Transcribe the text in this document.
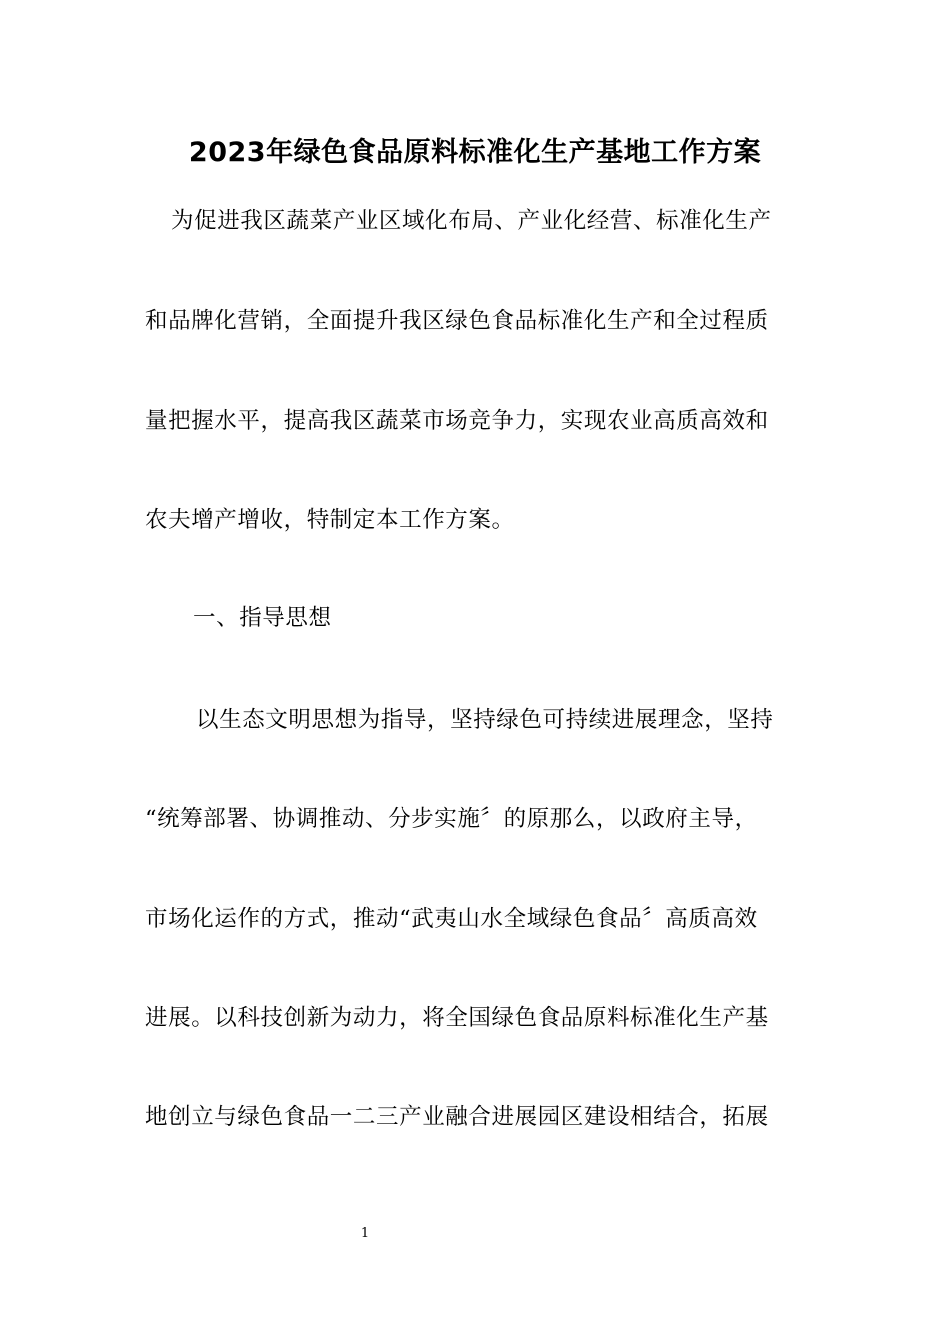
2023年绿色食品原料标准化生产基地工作方案
为促进我区蔬菜产业区域化布局、产业化经营、标准化生产
和品牌化营销，全面提升我区绿色食品标准化生产和全过程质
量把握水平，提高我区蔬菜市场竞争力，实现农业高质高效和
农夫增产增收，特制定本工作方案。
一、指导思想
以生态文明思想为指导，坚持绿色可持续进展理念，坚持
“统筹部署、协调推动、分步实施〞的原那么，以政府主导，
市场化运作的方式，推动“武夷山水全域绿色食品〞高质高效
进展。以科技创新为动力，将全国绿色食品原料标准化生产基
地创立与绿色食品一二三产业融合进展园区建设相结合，拓展
1
